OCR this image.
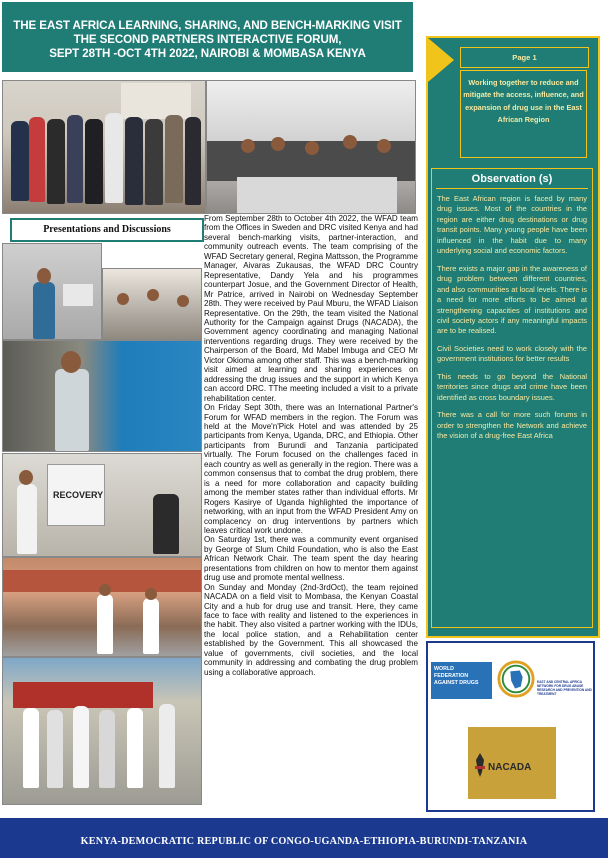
THE EAST AFRICA LEARNING, SHARING, AND BENCH-MARKING VISIT
THE SECOND PARTNERS INTERACTIVE FORUM,
SEPT 28TH -OCT 4TH 2022, NAIROBI & MOMBASA KENYA
Presentations and Discussions
RECOVERY

From September 28th to October 4th 2022, the WFAD team from the Offices in Sweden and DRC visited Kenya and had several bench-marking visits, partner-interaction, and community outreach events. The team comprising of the WFAD Secretary general, Regina Mattsson, the Programme Manager, Aivaras Zukausas, the WFAD DRC Country Representative, Dandy Yela and his programmes counterpart Josue, and the Government Director of Health, Mr Patrice, arrived in Nairobi on Wednesday September 28th. They were received by Paul Mburu, the WFAD Liaison Representative. On the 29th, the team visited the National Authority for the Campaign against Drugs (NACADA), the Government agency coordinating and managing National interventions regarding drugs. They were received by the Chairperson of the Board, Md Mabel Imbuga and CEO Mr Victor Okioma among other staff. This was a bench-marking visit aimed at learning and sharing experiences on addressing the drug issues and the support in which Kenya can accord DRC. TThe meeting included a visit to a private rehabilitation center.

On Friday Sept 30th, there was an International Partner's Forum for WFAD members in the region. The Forum was held at the Move'n'Pick Hotel and was attended by 25 participants from Kenya, Uganda, DRC, and Ethiopia. Other participants from Burundi and Tanzania participated virtually. The Forum focused on the challenges faced in each country as well as generally in the region. There was a common consensus that to combat the drug problem, there is a need for more collaboration and capacity building among the member states rather than individual efforts. Mr Rogers Kasirye of Uganda highlighted the importance of networking, with an input from the WFAD President Amy on complacency on drug interventions by partners which leaves critical work undone.

On Saturday 1st, there was a community event organised by George of Slum Child Foundation, who is also the East African Network Chair. The team spent the day hearing presentations from children on how to mentor them against drug use and promote mental wellness.

On Sunday and Monday (2nd-3rdOct), the team rejoined NACADA on a field visit to Mombasa, the Kenyan Coastal City and a hub for drug use and transit. Here, they came face to face with reality and listened to the experiences in the habit. They also visited a partner working with the IDUs, the local police station, and a Rehabilitation center established by the Government. This all showcased the value of governments, civil societies, and the local community in addressing and combating the drug problem using a collaborative approach.

Page 1
Working together to reduce and mitigate the access, influence, and expansion of drug use in the East African Region
Observation (s)

The East African region is faced by many drug issues. Most of the countries in the region are either drug destinations or drug transit points. Many young people have been influenced in the habit due to many underlying social and economic factors.

There exists a major gap in the awareness of drug problem between different countries, and also communities at local levels. There is a need for more efforts to be aimed at strengthening capacities of institutions and civil society actors if any meaningful impacts are to be realised.

Civil Societies need to work closely with the government institutions for better results

This needs to go beyond the National territories since drugs and crime have been identified as cross boundary issues.

There was a call for more such forums in order to strengthen the Network and achieve the vision of a drug-free East Africa

WORLD FEDERATION AGAINST DRUGS	EAST AND CENTRAL AFRICA NETWORK FOR DRUG ABUSE RESEARCH AND PREVENTION AND TREATMENT
NACADA
KENYA-DEMOCRATIC REPUBLIC OF CONGO-UGANDA-ETHIOPIA-BURUNDI-TANZANIA
